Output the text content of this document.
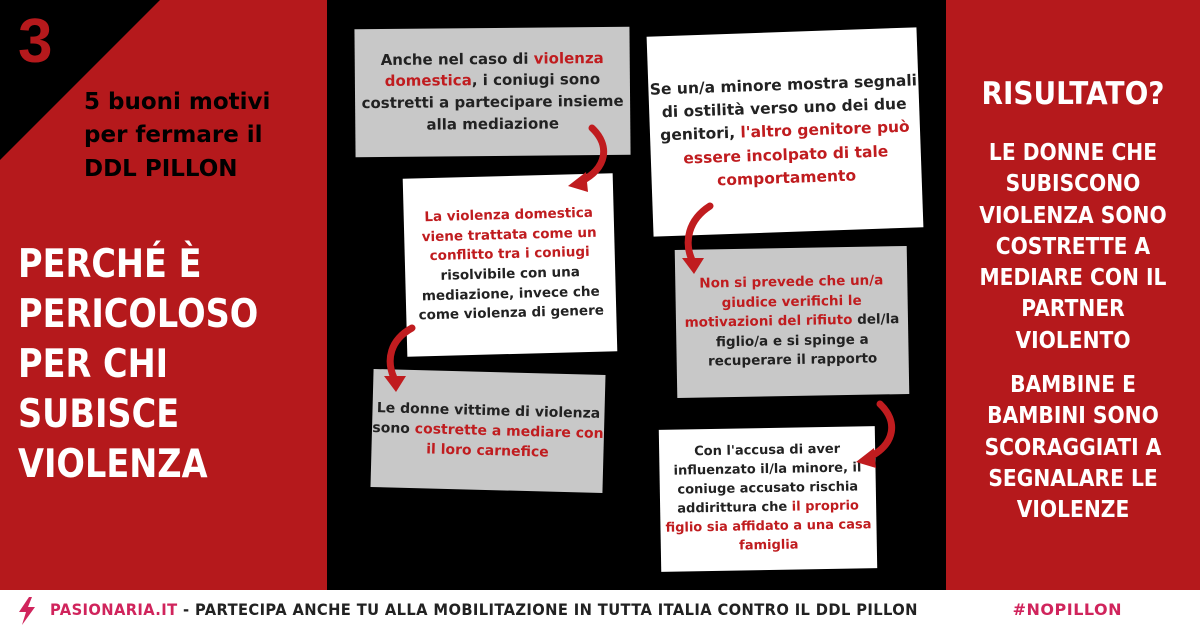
3
5 buoni motivi per fermare il DDL PILLON
PERCHÉ È
PERICOLOSO
PER CHI
SUBISCE
VIOLENZA
Anche nel caso di violenza domestica, i coniugi sono costretti a partecipare insieme alla mediazione
Se un/a minore mostra segnali di ostilità verso uno dei due genitori, l'altro genitore può essere incolpato di tale comportamento
La violenza domestica viene trattata come un conflitto tra i coniugi risolvibile con una mediazione, invece che come violenza di genere
Non si prevede che un/a giudice verifichi le motivazioni del rifiuto del/la figlio/a e si spinge a recuperare il rapporto
Le donne vittime di violenza sono costrette a mediare con il loro carnefice	Con l'accusa di aver influenzato il/la minore, il coniuge accusato rischia addirittura che il proprio figlio sia affidato a una casa famiglia
RISULTATO?
LE DONNE CHE
SUBISCONO
VIOLENZA SONO
COSTRETTE A
MEDIARE CON IL
PARTNER
VIOLENTO
BAMBINE E
BAMBINI SONO
SCORAGGIATI A
SEGNALARE LE
VIOLENZE
PASIONARIA.IT - PARTECIPA ANCHE TU ALLA MOBILITAZIONE IN TUTTA ITALIA CONTRO IL DDL PILLON	#NOPILLON
